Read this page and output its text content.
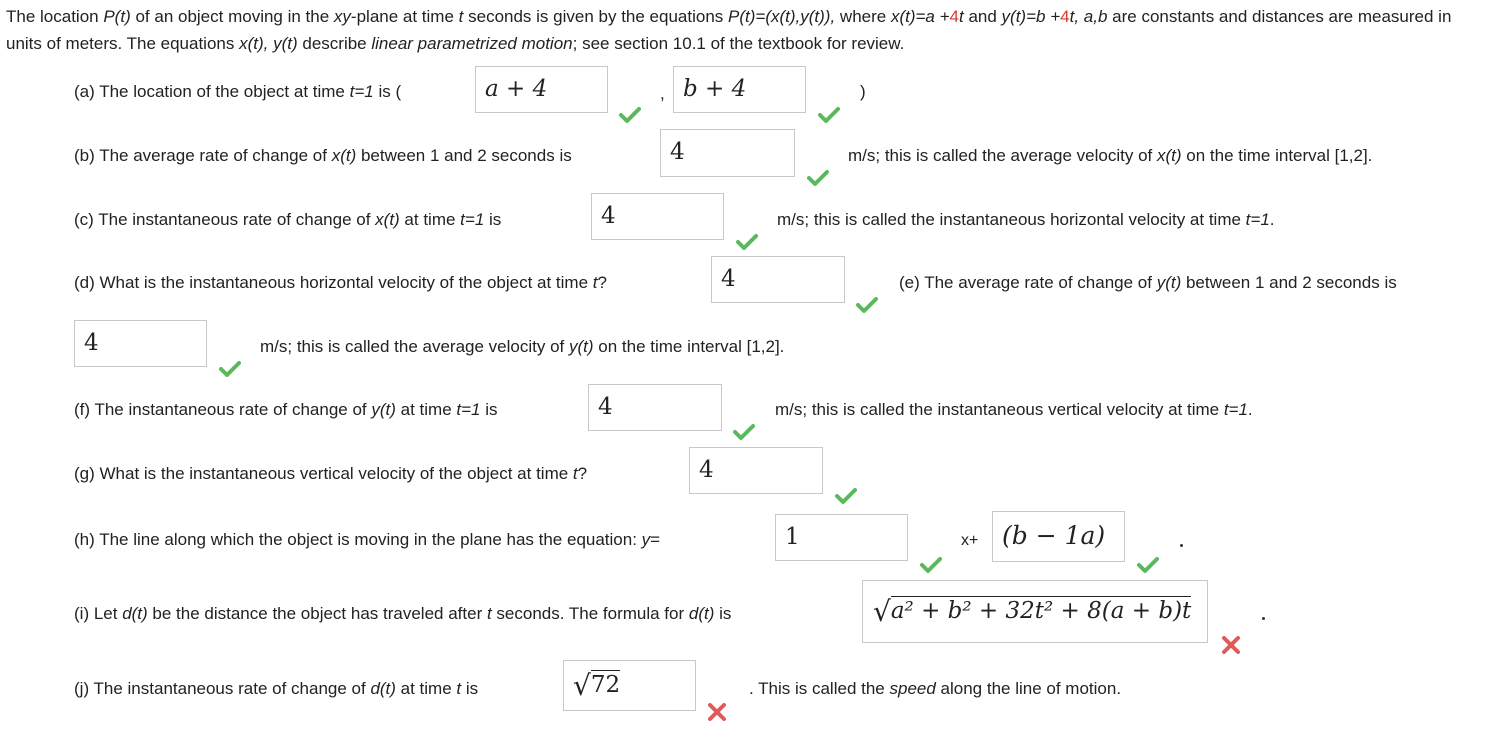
The location P(t) of an object moving in the xy-plane at time t seconds is given by the equations P(t)=(x(t),y(t)), where x(t)=a +4t and y(t)=b +4t, a,b are constants and distances are measured in units of meters. The equations x(t), y(t) describe linear parametrized motion; see section 10.1 of the textbook for review.
(a) The location of the object at time t=1 is (	a + 4	, b + 4	)
(b) The average rate of change of x(t) between 1 and 2 seconds is	4	m/s; this is called the average velocity of x(t) on the time interval [1,2].
(c) The instantaneous rate of change of x(t) at time t=1 is	4	m/s; this is called the instantaneous horizontal velocity at time t=1.
(d) What is the instantaneous horizontal velocity of the object at time t?	4	(e) The average rate of change of y(t) between 1 and 2 seconds is
4	m/s; this is called the average velocity of y(t) on the time interval [1,2].
(f) The instantaneous rate of change of y(t) at time t=1 is	4	m/s; this is called the instantaneous vertical velocity at time t=1.
(g) What is the instantaneous vertical velocity of the object at time t?	4
(h) The line along which the object is moving in the plane has the equation: y=	1	x+ (b − 1a)
(i) Let d(t) be the distance the object has traveled after t seconds. The formula for d(t) is	√a² + b² + 32t² + 8(a + b)t
(j) The instantaneous rate of change of d(t) at time t is	√72	. This is called the speed along the line of motion.
